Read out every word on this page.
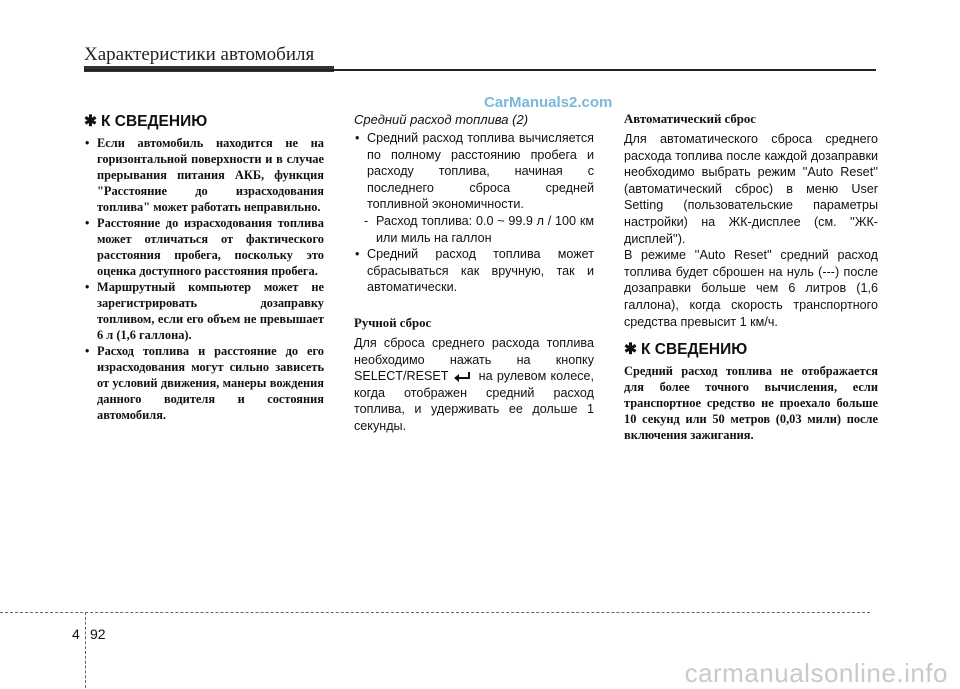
Характеристики автомобиля
CarManuals2.com
✱ К СВЕДЕНИЮ
• Если автомобиль находится не на горизонтальной поверхности и в случае прерывания питания АКБ, функция "Расстояние до израсходования топлива" может работать неправильно.
• Расстояние до израсходования топлива может отличаться от фактического расстояния пробега, поскольку это оценка доступного расстояния пробега.
• Маршрутный компьютер может не зарегистрировать дозаправку топливом, если его объем не превышает 6 л (1,6 галлона).
• Расход топлива и расстояние до его израсходования могут сильно зависеть от условий движения, манеры вождения данного водителя и состояния автомобиля.
Средний расход топлива (2)
• Средний расход топлива вычисляется по полному расстоянию пробега и расходу топлива, начиная с последнего сброса средней топливной экономичности.
- Расход топлива: 0.0 ~ 99.9 л / 100 км или миль на галлон
• Средний расход топлива может сбрасываться как вручную, так и автоматически.
Ручной сброс

Для сброса среднего расхода топлива необходимо нажать на кнопку SELECT/RESET на рулевом колесе, когда отображен средний расход топлива, и удерживать ее дольше 1 секунды.

Автоматический сброс

Для автоматического сброса среднего расхода топлива после каждой дозаправки необходимо выбрать режим ''Auto Reset'' (автоматический сброс) в меню User Setting (пользовательские параметры настройки) на ЖК-дисплее (см. ''ЖК-дисплей'').

В режиме ''Auto Reset'' средний расход топлива будет сброшен на нуль (---) после дозаправки больше чем 6 литров (1,6 галлона), когда скорость транспортного средства превысит 1 км/ч.

✱ К СВЕДЕНИЮ

Средний расход топлива не отображается для более точного вычисления, если транспортное средство не проехало больше 10 секунд или 50 метров (0,03 мили) после включения зажигания.

4 92
carmanualsonline.info
